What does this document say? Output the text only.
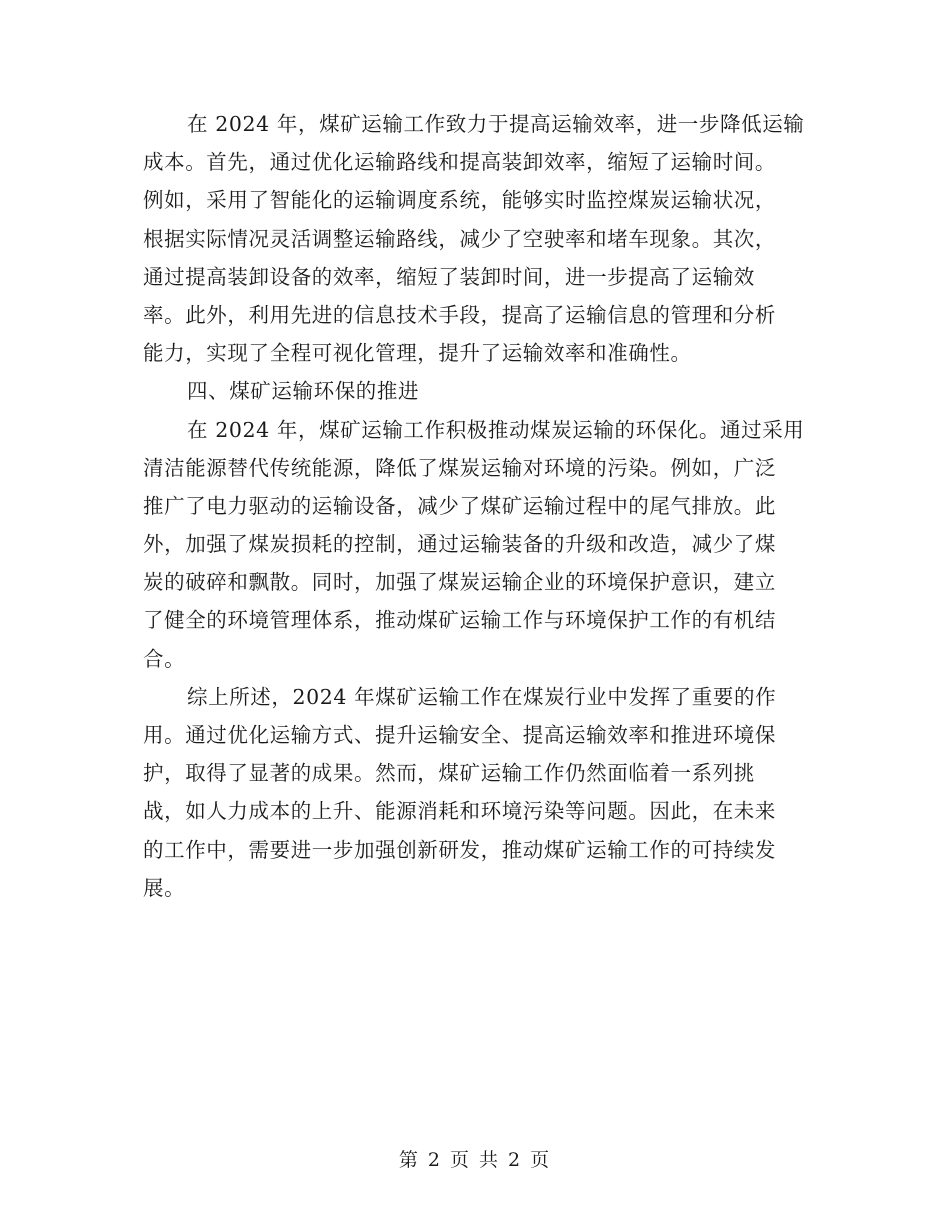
在 2024 年，煤矿运输工作致力于提高运输效率，进一步降低运输
成本。首先，通过优化运输路线和提高装卸效率，缩短了运输时间。
例如，采用了智能化的运输调度系统，能够实时监控煤炭运输状况，
根据实际情况灵活调整运输路线，减少了空驶率和堵车现象。其次，
通过提高装卸设备的效率，缩短了装卸时间，进一步提高了运输效
率。此外，利用先进的信息技术手段，提高了运输信息的管理和分析
能力，实现了全程可视化管理，提升了运输效率和准确性。
四、煤矿运输环保的推进
在 2024 年，煤矿运输工作积极推动煤炭运输的环保化。通过采用
清洁能源替代传统能源，降低了煤炭运输对环境的污染。例如，广泛
推广了电力驱动的运输设备，减少了煤矿运输过程中的尾气排放。此
外，加强了煤炭损耗的控制，通过运输装备的升级和改造，减少了煤
炭的破碎和飘散。同时，加强了煤炭运输企业的环境保护意识，建立
了健全的环境管理体系，推动煤矿运输工作与环境保护工作的有机结
合。
综上所述，2024 年煤矿运输工作在煤炭行业中发挥了重要的作
用。通过优化运输方式、提升运输安全、提高运输效率和推进环境保
护，取得了显著的成果。然而，煤矿运输工作仍然面临着一系列挑
战，如人力成本的上升、能源消耗和环境污染等问题。因此，在未来
的工作中，需要进一步加强创新研发，推动煤矿运输工作的可持续发
展。
第 2 页 共 2 页
